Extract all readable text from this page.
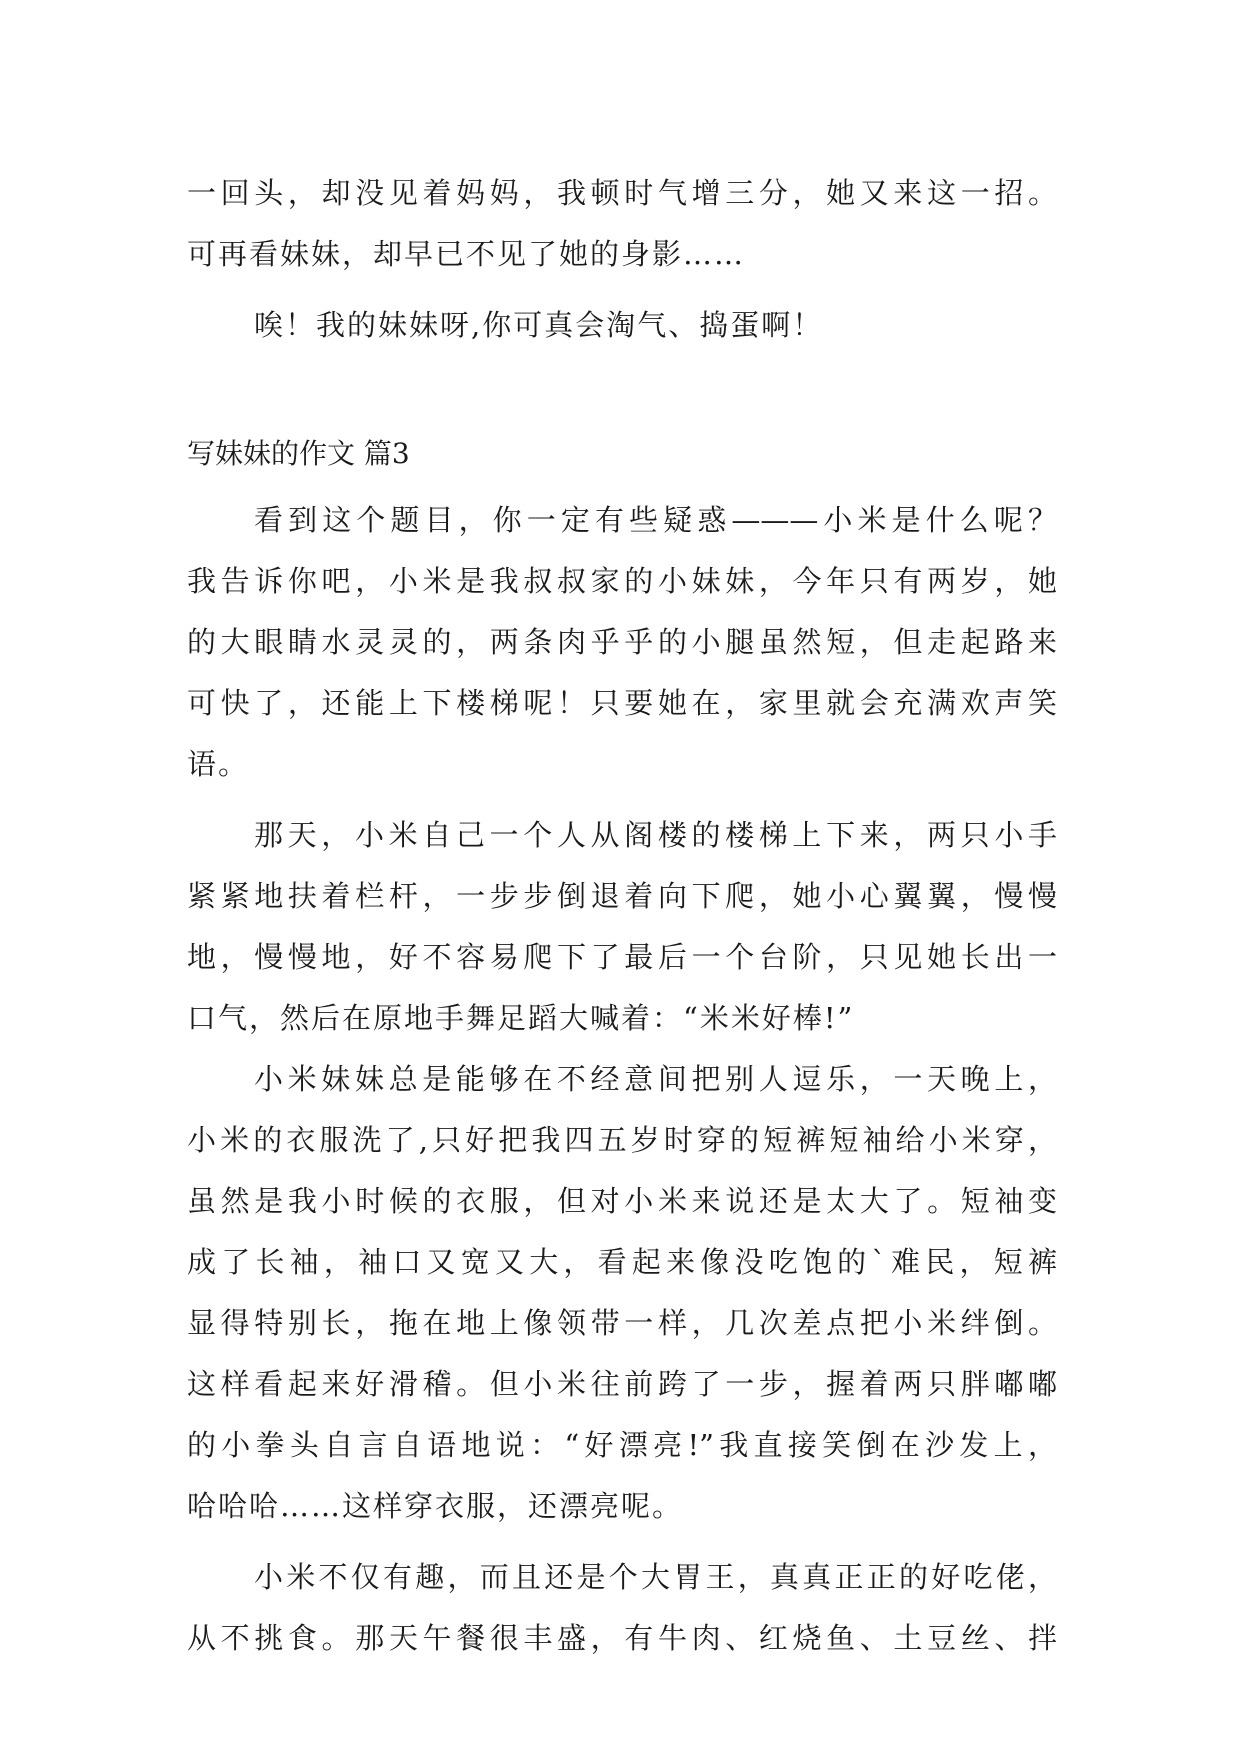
一回头，却没见着妈妈，我顿时气增三分，她又来这一招。
可再看妹妹，却早已不见了她的身影……
唉！我的妹妹呀,你可真会淘气、捣蛋啊！
写妹妹的作文 篇3
看到这个题目，你一定有些疑惑———小米是什么呢？
我告诉你吧，小米是我叔叔家的小妹妹，今年只有两岁，她
的大眼睛水灵灵的，两条肉乎乎的小腿虽然短，但走起路来
可快了，还能上下楼梯呢！只要她在，家里就会充满欢声笑
语。
那天，小米自己一个人从阁楼的楼梯上下来，两只小手
紧紧地扶着栏杆，一步步倒退着向下爬，她小心翼翼，慢慢
地，慢慢地，好不容易爬下了最后一个台阶，只见她长出一
口气，然后在原地手舞足蹈大喊着：“米米好棒!”
小米妹妹总是能够在不经意间把别人逗乐，一天晚上，
小米的衣服洗了,只好把我四五岁时穿的短裤短袖给小米穿，
虽然是我小时候的衣服，但对小米来说还是太大了。短袖变
成了长袖，袖口又宽又大，看起来像没吃饱的`难民，短裤
显得特别长，拖在地上像领带一样，几次差点把小米绊倒。
这样看起来好滑稽。但小米往前跨了一步，握着两只胖嘟嘟
的小拳头自言自语地说：“好漂亮!”我直接笑倒在沙发上，
哈哈哈……这样穿衣服，还漂亮呢。
小米不仅有趣，而且还是个大胃王，真真正正的好吃佬，
从不挑食。那天午餐很丰盛，有牛肉、红烧鱼、土豆丝、拌
